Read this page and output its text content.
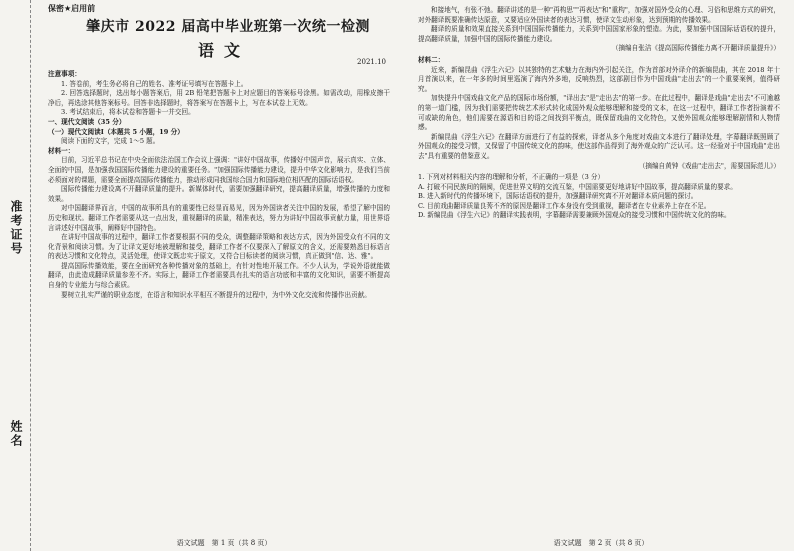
准考证号
姓名
保密★启用前
肇庆市 2022 届高中毕业班第一次统一检测
语文
2021.10

注意事项：

1. 答卷前，考生务必将自己的姓名、准考证号填写在答题卡上。

2. 回答选择题时，选出每小题答案后，用 2B 铅笔把答题卡上对应题目的答案标号涂黑。如需改动，用橡皮擦干净后，再选涂其他答案标号。回答非选择题时，将答案写在答题卡上，写在本试卷上无效。

3. 考试结束后，将本试卷和答题卡一并交回。

一、现代文阅读（35 分）

（一）现代文阅读Ⅰ（本题共 5 小题，19 分）

阅读下面的文字，完成 1～5 题。

材料一：

目前，习近平总书记在中央全面依法治国工作会议上强调："讲好中国故事，传播好中国声音，展示真实、立体、全面的中国，是加强我国国际传播能力建设的重要任务。"加强国际传播能力建设，提升中华文化影响力，是我们当前必须面对的课题，需要全面提高国际传播能力，推动形成同我国综合国力和国际地位相匹配的国际话语权。

国际传播能力建设离不开翻译质量的提升。新媒体时代，需要加强翻译研究，提高翻译质量，增强传播的力度和效果。

对中国翻译界而言，中国的故事所具有的重要性已经显而易见，因为外国读者关注中国的发展，希望了解中国的历史和现状。翻译工作者需要从这一点出发，重视翻译的质量，精准表达，努力为讲好中国故事贡献力量，用世界语言讲述好中国故事，阐释好中国特色。

在讲好中国故事的过程中，翻译工作者要根据不同的受众，调整翻译策略和表达方式，因为外国受众有不同的文化背景和阅读习惯。为了让译文更好地被理解和接受，翻译工作者不仅要深入了解原文的含义，还需要熟悉目标语言的表达习惯和文化特点，灵活处理，使译文既忠实于原文，又符合目标读者的阅读习惯，真正做到"信、达、雅"。

提高国际传播效能，要在全面研究各种传播对象的基础上，有针对性地开展工作。不少人认为，学说外语就能做翻译，由此造成翻译质量参差不齐。实际上，翻译工作者需要具有扎实的语言功底和丰富的文化知识，需要不断提高自身的专业能力与综合素质。

要树立扎实严谨的职业态度，在语言和知识水平相互不断提升的过程中，为中外文化交流和传播作出贡献。

语文试题　第 1 页（共 8 页）

和接地气，有张不弛。翻译讲述的是一种"再构思""再表达"和"重构"，加强对国外受众的心理、习俗和思维方式的研究，对外翻译既要准确传达原意，又要适应外国读者的表达习惯，使译文生动形象，达到预期的传播效果。

翻译的质量和效果直接关系到中国国际传播能力，关系到中国国家形象的塑造。为此，要加强中国国际话语权的提升，提高翻译质量，加强中国的国际传播能力建设。

（摘编自张洁《提高国际传播能力离不开翻译质量提升》）

材料二：

近来，新编昆曲《浮生六记》以其独特的艺术魅力在海内外引起关注，作为首部对外译介的新编昆曲，其在 2018 年十月首演以来，在一年多的时间里巡演了海内外多地，反响热烈，这部剧目作为中国戏曲"走出去"的一个重要案例，值得研究。

加快提升中国戏曲文化产品的国际市场份额，"译出去"是"走出去"的第一步。在此过程中，翻译是戏曲"走出去"不可逾越的第一道门槛，因为我们需要把传统艺术形式转化成国外观众能够理解和接受的文本，在这一过程中，翻译工作者扮演着不可或缺的角色，他们需要在源语和目的语之间找到平衡点，既保留戏曲的文化特色，又使外国观众能够理解剧情和人物情感。

新编昆曲《浮生六记》在翻译方面进行了有益的探索，译者从多个角度对戏曲文本进行了翻译处理，字幕翻译既照顾了外国观众的接受习惯，又保留了中国传统文化的韵味，使这部作品得到了海外观众的广泛认可。这一经验对于中国戏曲"走出去"具有重要的借鉴意义。

（摘编自黄钟《戏曲"走出去"，需要国际范儿》）

1. 下列对材料相关内容的理解和分析，不正确的一项是（3 分）

A. 打破不同民族间的隔阂，促进世界文明的交流互鉴，中国需要更好地讲好中国故事，提高翻译质量的要求。

B. 进入新时代的传播环境下，国际话语权的提升，加强翻译研究离不开对翻译本质问题的探讨。

C. 目前戏曲翻译质量良莠不齐的原因是翻译工作本身没有受到重视，翻译者在专业素养上存在不足。

D. 新编昆曲《浮生六记》的翻译实践表明，字幕翻译需要兼顾外国观众的接受习惯和中国传统文化的韵味。

语文试题　第 2 页（共 8 页）
